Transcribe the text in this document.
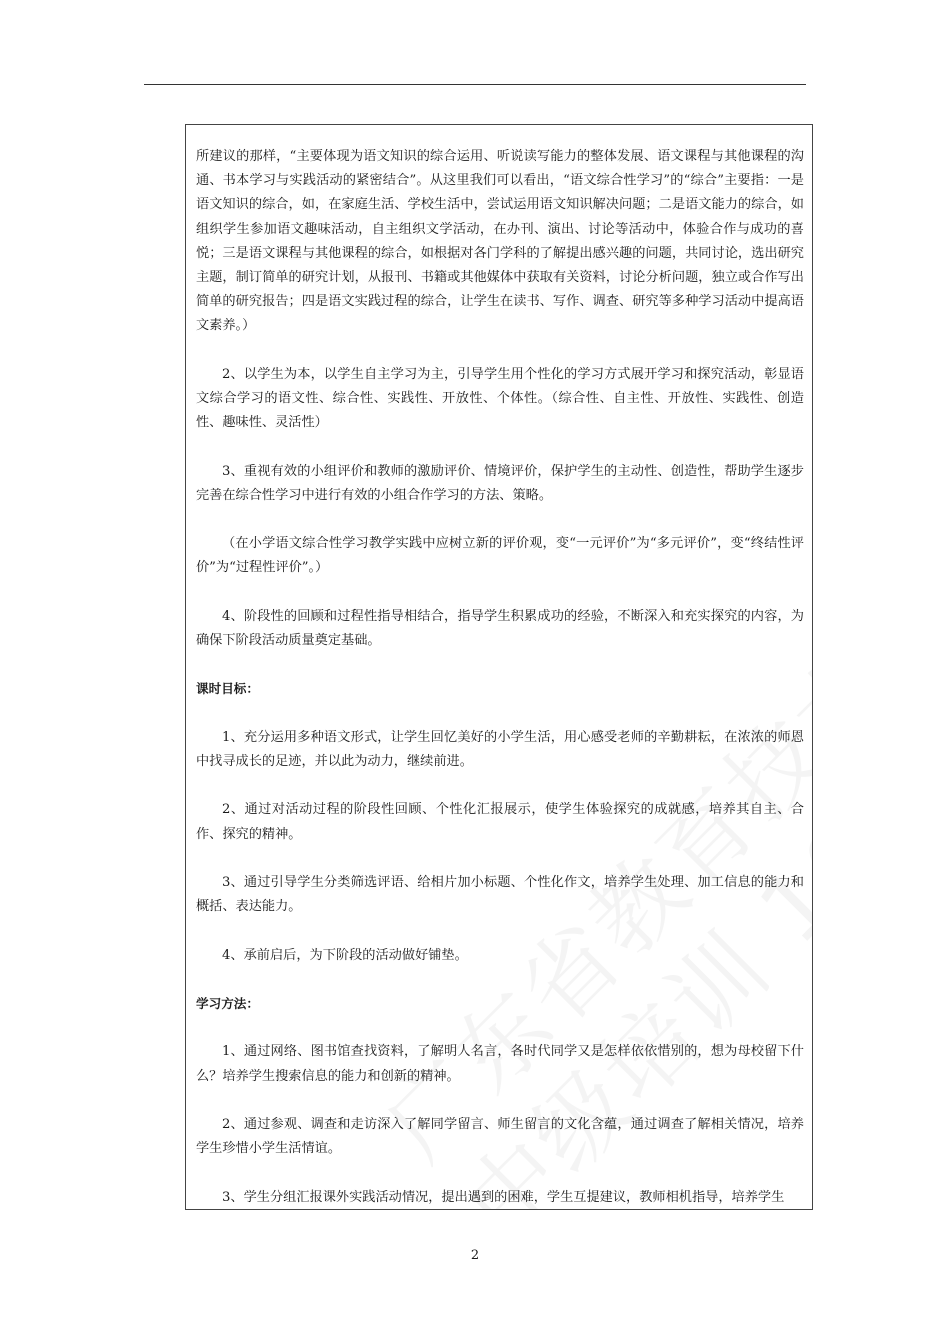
所建议的那样，“主要体现为语文知识的综合运用、听说读写能力的整体发展、语文课程与其他课程的沟通、书本学习与实践活动的紧密结合”。从这里我们可以看出，“语文综合性学习”的“综合”主要指：一是语文知识的综合，如，在家庭生活、学校生活中，尝试运用语文知识解决问题；二是语文能力的综合，如组织学生参加语文趣味活动，自主组织文学活动，在办刊、演出、讨论等活动中，体验合作与成功的喜悦；三是语文课程与其他课程的综合，如根据对各门学科的了解提出感兴趣的问题，共同讨论，选出研究主题，制订简单的研究计划，从报刊、书籍或其他媒体中获取有关资料，讨论分析问题，独立或合作写出简单的研究报告；四是语文实践过程的综合，让学生在读书、写作、调查、研究等多种学习活动中提高语文素养。）

2、以学生为本，以学生自主学习为主，引导学生用个性化的学习方式展开学习和探究活动，彰显语文综合学习的语文性、综合性、实践性、开放性、个体性。（综合性、自主性、开放性、实践性、创造性、趣味性、灵活性）

3、重视有效的小组评价和教师的激励评价、情境评价，保护学生的主动性、创造性，帮助学生逐步完善在综合性学习中进行有效的小组合作学习的方法、策略。

（在小学语文综合性学习教学实践中应树立新的评价观，变“一元评价”为“多元评价”，变“终结性评价”为“过程性评价”。）

4、阶段性的回顾和过程性指导相结合，指导学生积累成功的经验，不断深入和充实探究的内容，为确保下阶段活动质量奠定基础。

课时目标：

1、充分运用多种语文形式，让学生回忆美好的小学生活，用心感受老师的辛勤耕耘，在浓浓的师恩中找寻成长的足迹，并以此为动力，继续前进。

2、通过对活动过程的阶段性回顾、个性化汇报展示，使学生体验探究的成就感，培养其自主、合作、探究的精神。

3、通过引导学生分类筛选评语、给相片加小标题、个性化作文，培养学生处理、加工信息的能力和概括、表达能力。

4、承前启后，为下阶段的活动做好铺垫。

学习方法：

1、通过网络、图书馆查找资料，了解明人名言，各时代同学又是怎样依依惜别的，想为母校留下什么？培养学生搜索信息的能力和创新的精神。

2、通过参观、调查和走访深入了解同学留言、师生留言的文化含蕴，通过调查了解相关情况，培养学生珍惜小学生活情谊。

3、学生分组汇报课外实践活动情况，提出遇到的困难，学生互提建议，教师相机指导，培养学生

2
